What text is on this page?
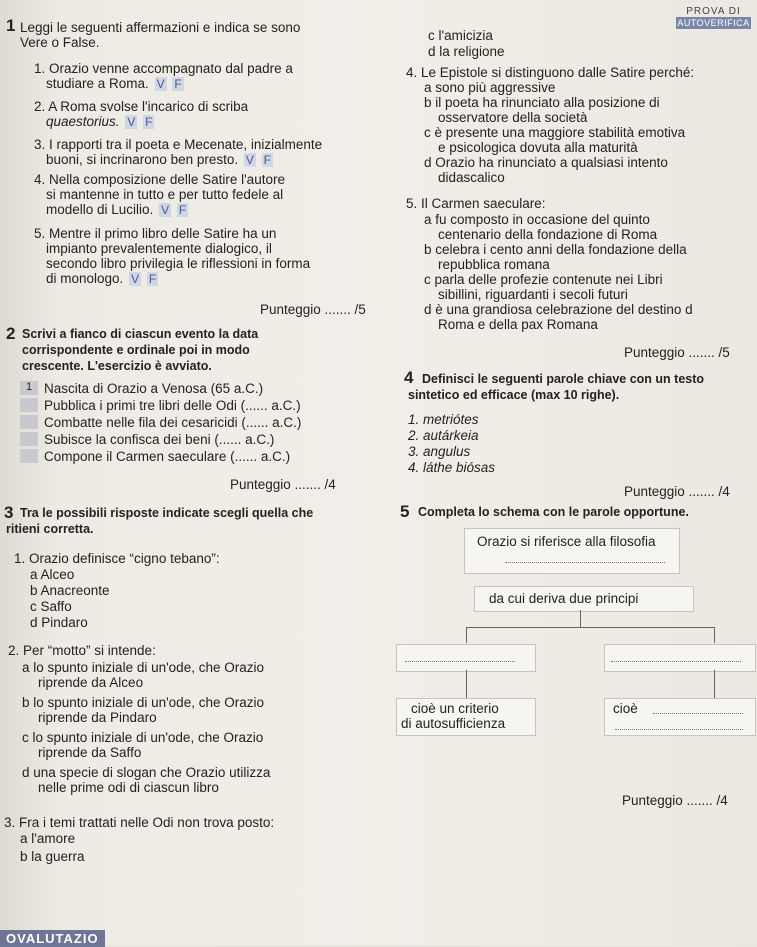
PROVA DI
AUTOVERIFICA
1 Leggi le seguenti affermazioni e indica se sono
Vere o False.
1. Orazio venne accompagnato dal padre a
studiare a Roma. V F
2. A Roma svolse l'incarico di scriba
quaestorius. V F
3. I rapporti tra il poeta e Mecenate, inizialmente
buoni, si incrinarono ben presto. V F
4. Nella composizione delle Satire l'autore
si mantenne in tutto e per tutto fedele al
modello di Lucilio. V F
5. Mentre il primo libro delle Satire ha un
impianto prevalentemente dialogico, il
secondo libro privilegia le riflessioni in forma
di monologo. V F
Punteggio ....... /5
2 Scrivi a fianco di ciascun evento la data
corrispondente e ordinale poi in modo
crescente. L'esercizio è avviato.
1 Nascita di Orazio a Venosa (65 a.C.)
Pubblica i primi tre libri delle Odi (...... a.C.)
Combatte nelle fila dei cesaricidi (...... a.C.)
Subisce la confisca dei beni (...... a.C.)
Compone il Carmen saeculare (...... a.C.)
Punteggio ....... /4
3 Tra le possibili risposte indicate scegli quella che
ritieni corretta.
1. Orazio definisce “cigno tebano”:
a Alceo
b Anacreonte
c Saffo
d Pindaro
2. Per “motto” si intende:
a lo spunto iniziale di un'ode, che Orazio
riprende da Alceo
b lo spunto iniziale di un'ode, che Orazio
riprende da Pindaro
c lo spunto iniziale di un'ode, che Orazio
riprende da Saffo
d una specie di slogan che Orazio utilizza
nelle prime odi di ciascun libro
3. Fra i temi trattati nelle Odi non trova posto:
a l'amore
b la guerra
c l'amicizia
d la religione
4. Le Epistole si distinguono dalle Satire perché:
a sono più aggressive
b il poeta ha rinunciato alla posizione di
osservatore della società
c è presente una maggiore stabilità emotiva
e psicologica dovuta alla maturità
d Orazio ha rinunciato a qualsiasi intento
didascalico
5. Il Carmen saeculare:
a fu composto in occasione del quinto
centenario della fondazione di Roma
b celebra i cento anni della fondazione della
repubblica romana
c parla delle profezie contenute nei Libri
sibillini, riguardanti i secoli futuri
d è una grandiosa celebrazione del destino d
Roma e della pax Romana
Punteggio ....... /5
4 Definisci le seguenti parole chiave con un testo
sintetico ed efficace (max 10 righe).
1. metriótes
2. autárkeia
3. angulus
4. láthe biósas
Punteggio ....... /4
5 Completa lo schema con le parole opportune.
Orazio si riferisce alla filosofia
da cui deriva due principi
cioè un criterio
di autosufficienza
cioè
Punteggio ....... /4
OVALUTAZIO
